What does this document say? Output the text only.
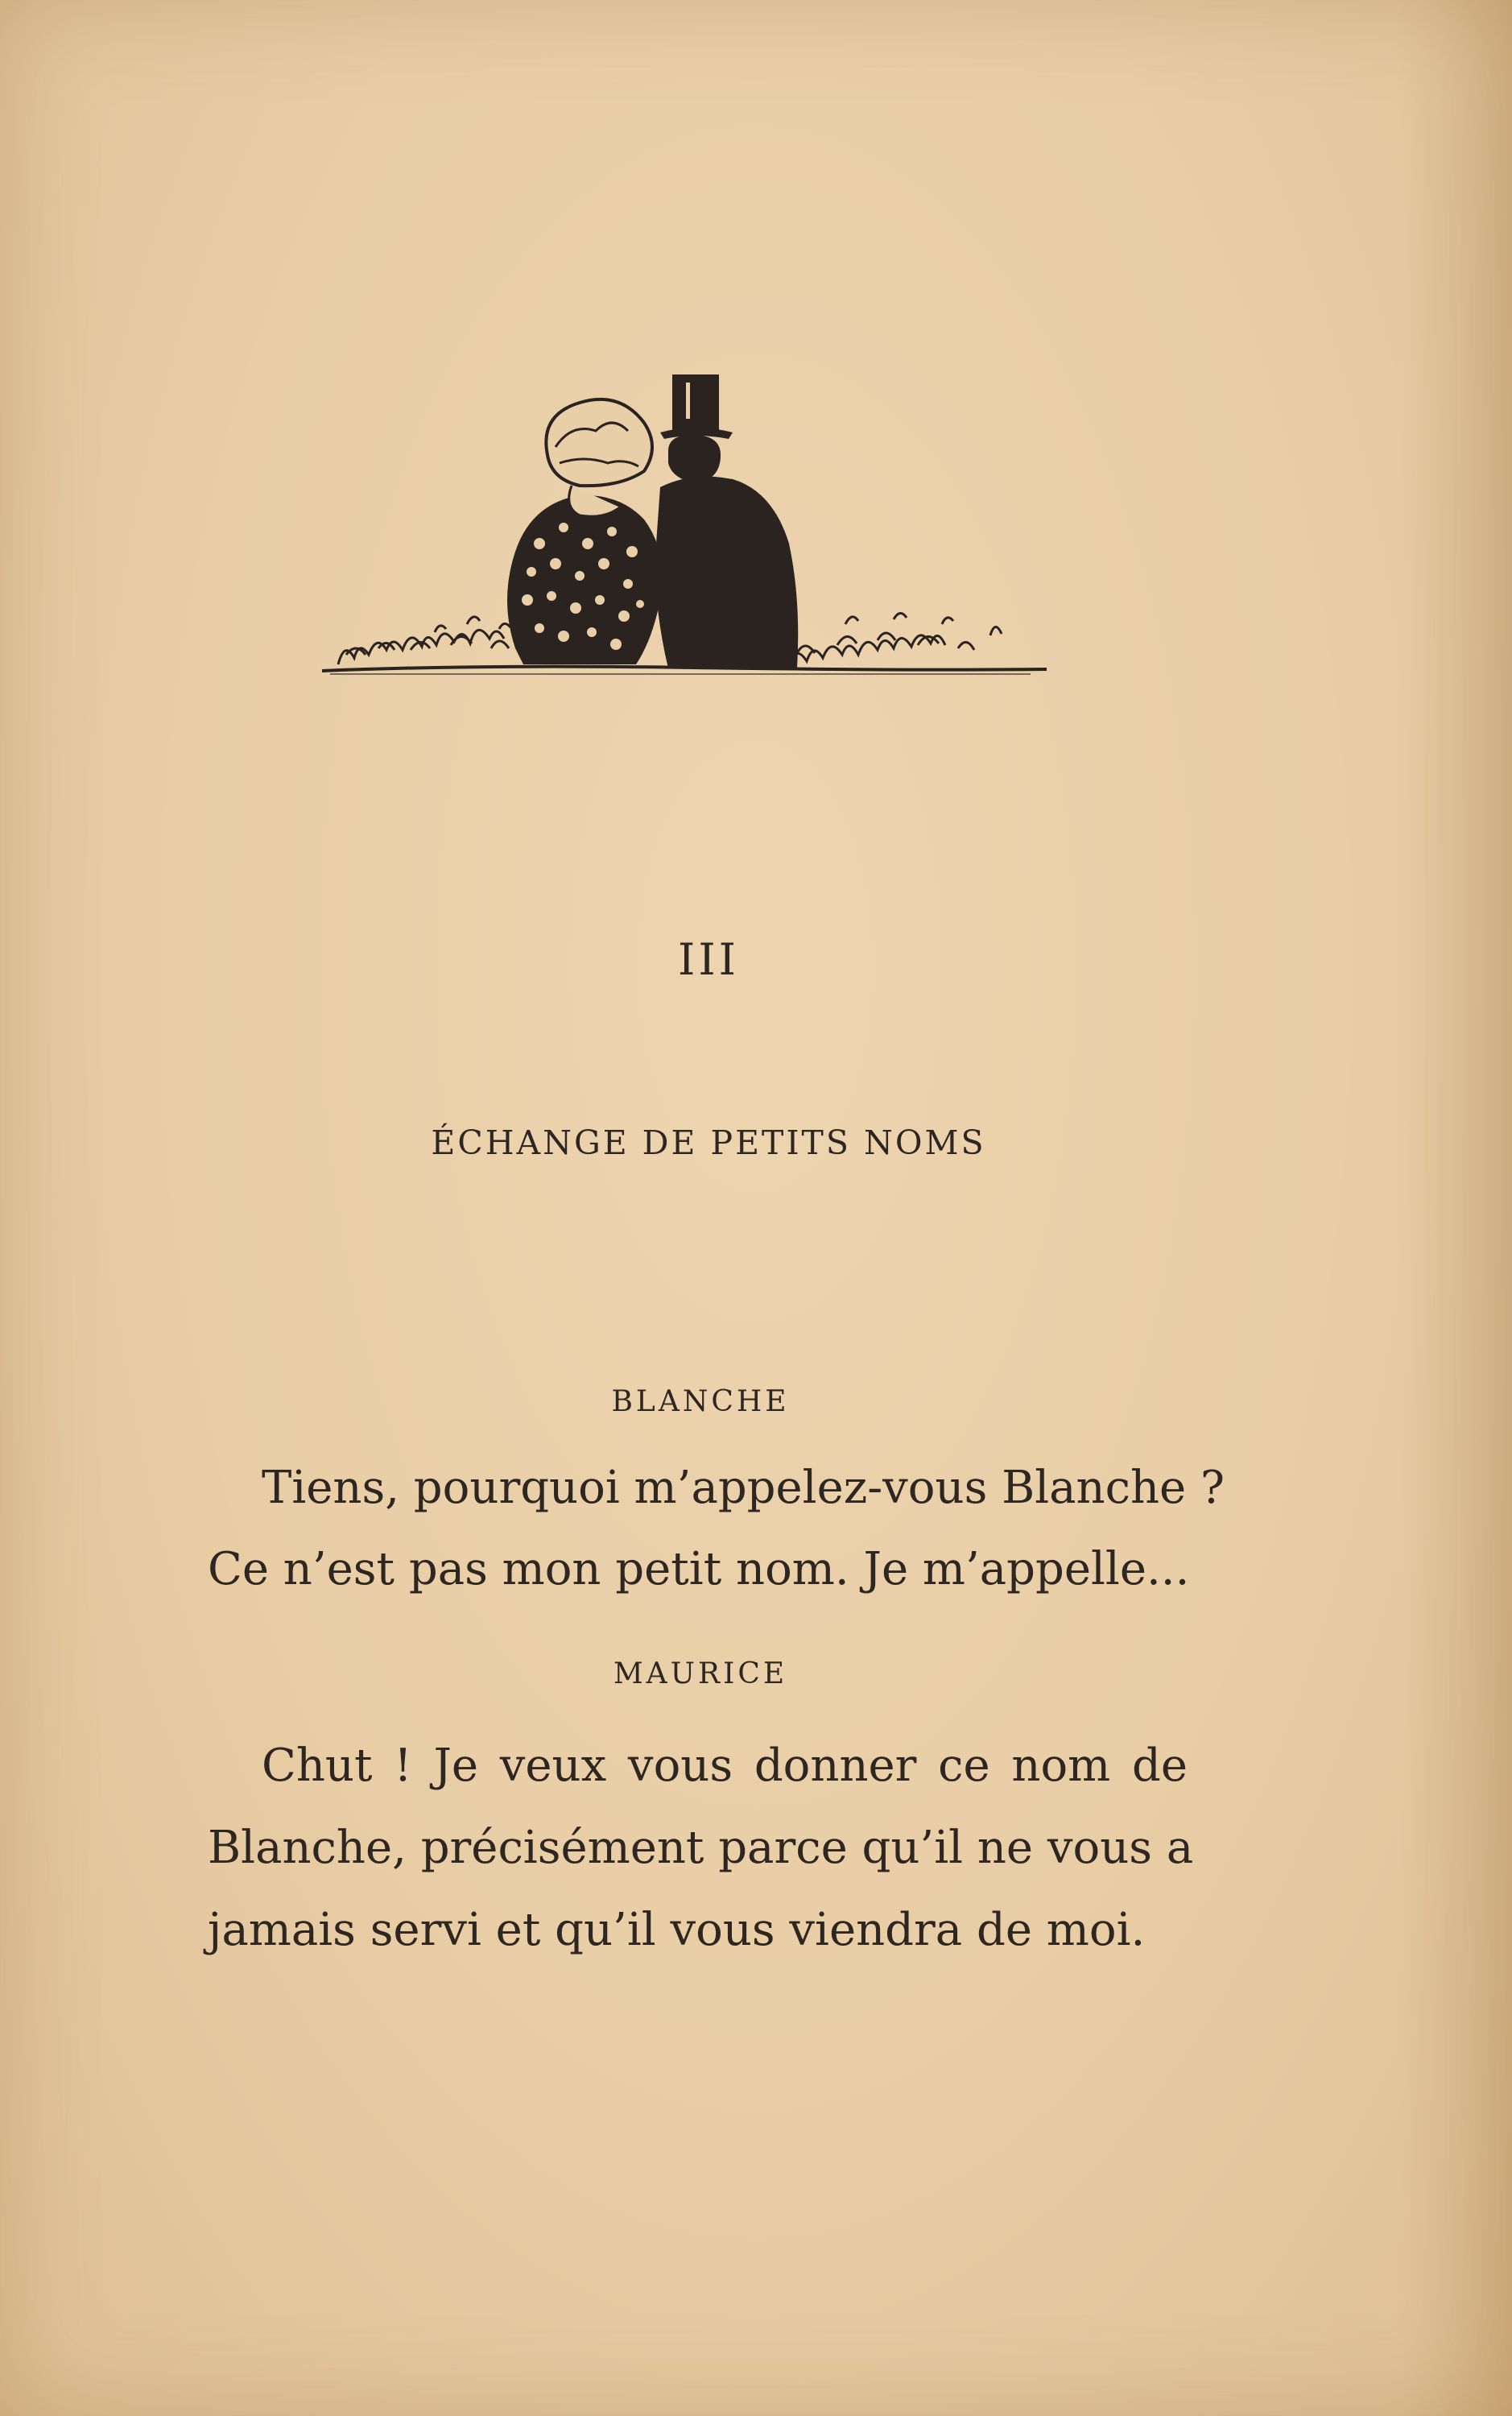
III
ÉCHANGE DE PETITS NOMS

BLANCHE

Tiens, pourquoi m’appelez-vous Blanche ?

Ce n’est pas mon petit nom. Je m’appelle...

MAURICE

Chut ! Je veux vous donner ce nom de

Blanche, précisément parce qu’il ne vous a

jamais servi et qu’il vous viendra de moi.
